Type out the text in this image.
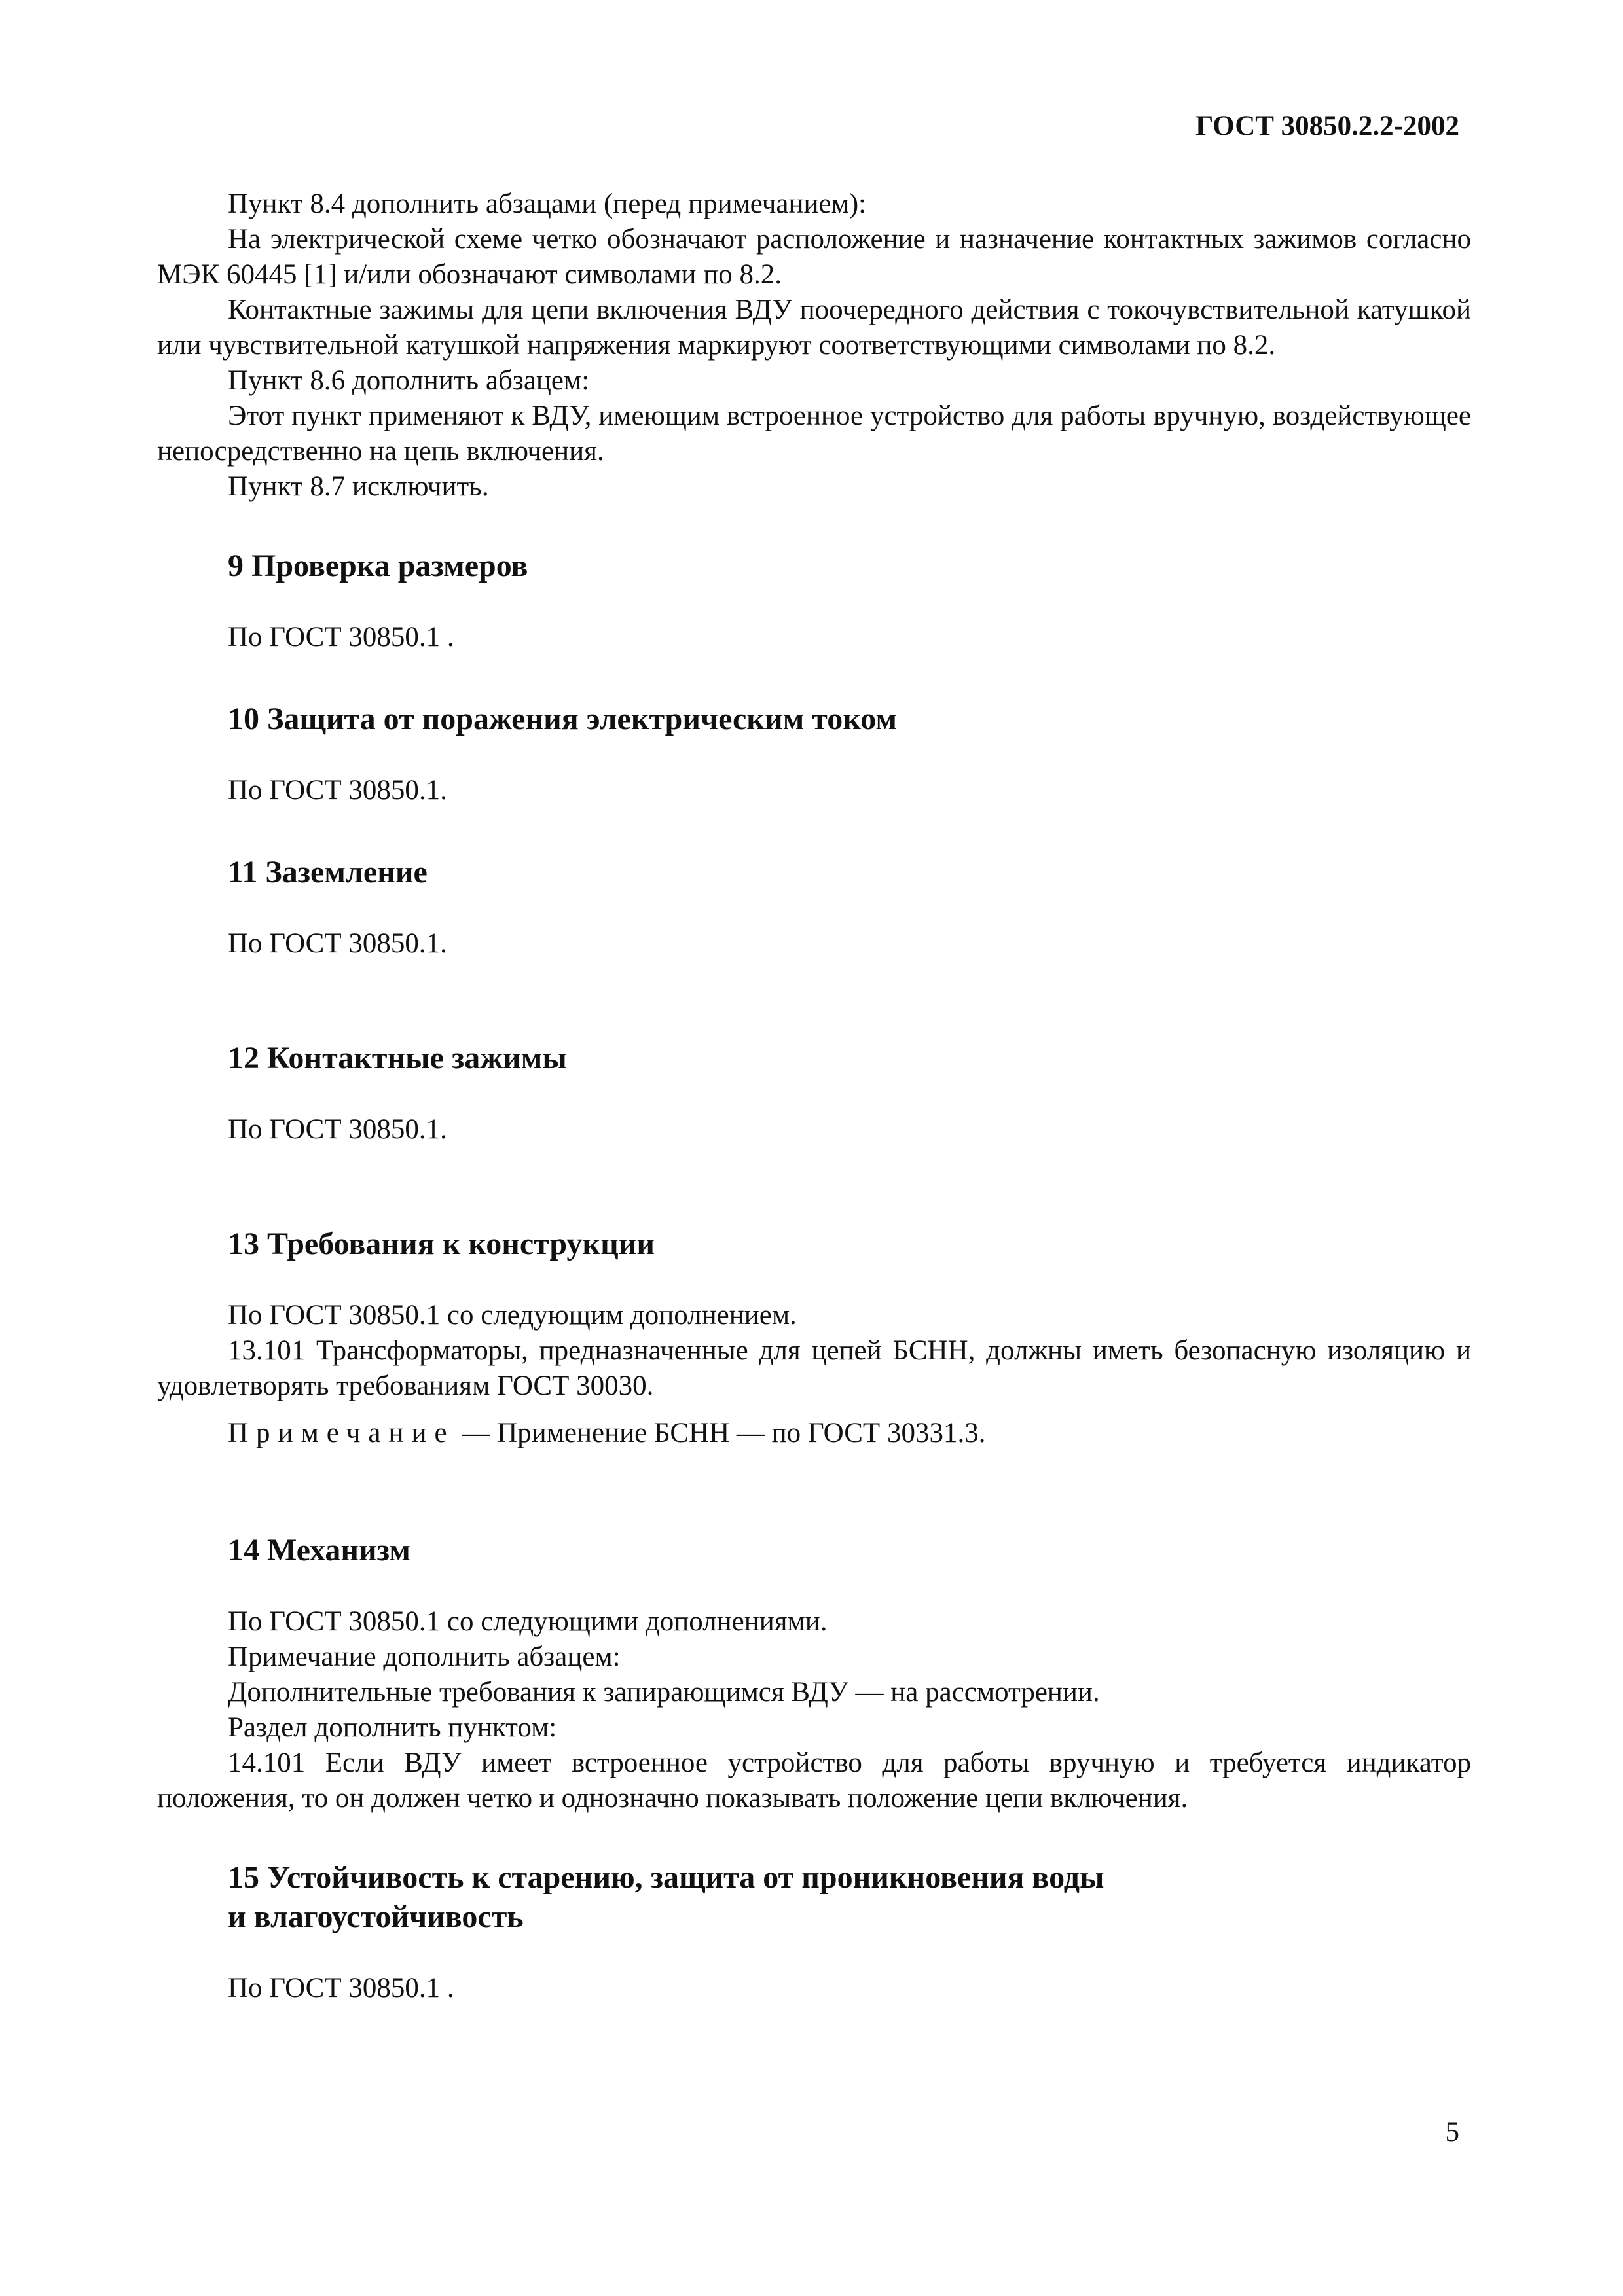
ГОСТ 30850.2.2-2002

Пункт 8.4 дополнить абзацами (перед примечанием):

На электрической схеме четко обозначают расположение и назначение контактных зажимов согласно МЭК 60445 [1] и/или обозначают символами по 8.2.

Контактные зажимы для цепи включения ВДУ поочередного действия с токочувствительной катушкой или чувствительной катушкой напряжения маркируют соответствующими символами по 8.2.

Пункт 8.6 дополнить абзацем:

Этот пункт применяют к ВДУ, имеющим встроенное устройство для работы вручную, воздействующее непосредственно на цепь включения.

Пункт 8.7 исключить.

9 Проверка размеров

По ГОСТ 30850.1 .

10 Защита от поражения электрическим током

По ГОСТ 30850.1.

11 Заземление

По ГОСТ 30850.1.

12 Контактные зажимы

По ГОСТ 30850.1.

13 Требования к конструкции

По ГОСТ 30850.1 со следующим дополнением.

13.101 Трансформаторы, предназначенные для цепей БСНН, должны иметь безопасную изоляцию и удовлетворять требованиям ГОСТ 30030.

Примечание — Применение БСНН — по ГОСТ 30331.3.

14 Механизм

По ГОСТ 30850.1 со следующими дополнениями.

Примечание дополнить абзацем:

Дополнительные требования к запирающимся ВДУ — на рассмотрении.

Раздел дополнить пунктом:

14.101 Если ВДУ имеет встроенное устройство для работы вручную и требуется индикатор положения, то он должен четко и однозначно показывать положение цепи включения.

15 Устойчивость к старению, защита от проникновения воды
и влагоустойчивость

По ГОСТ 30850.1 .

5
